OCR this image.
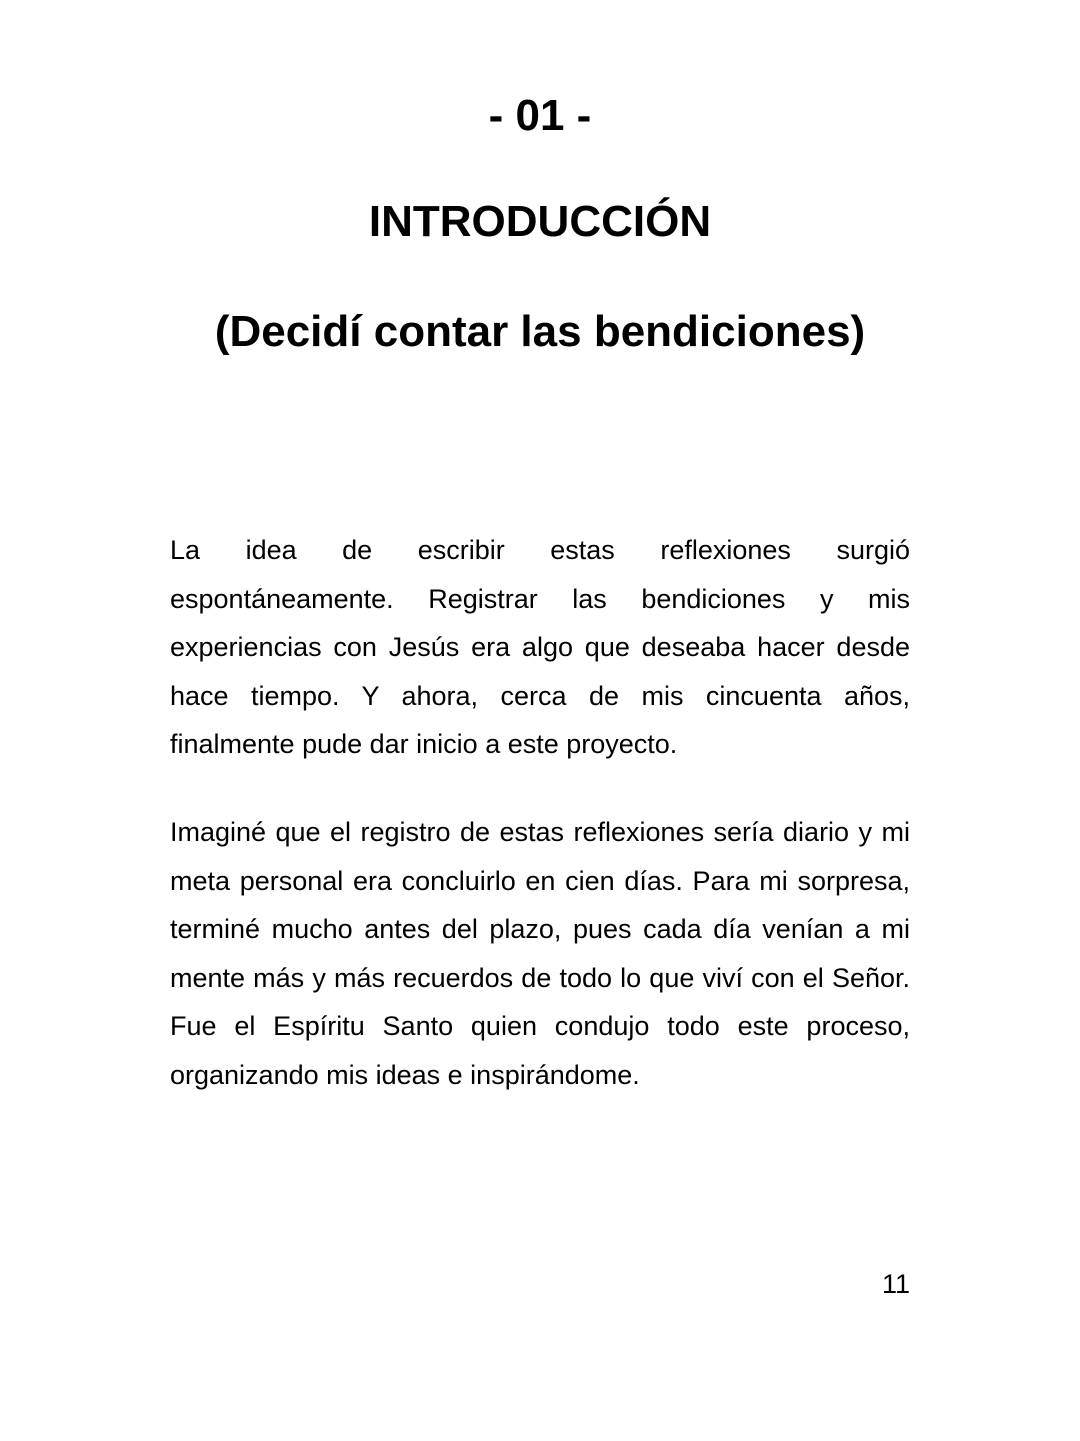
- 01 -
INTRODUCCIÓN
(Decidí contar las bendiciones)

La idea de escribir estas reflexiones surgió espontáneamente. Registrar las bendiciones y mis experiencias con Jesús era algo que deseaba hacer desde hace tiempo. Y ahora, cerca de mis cincuenta años, finalmente pude dar inicio a este proyecto.

Imaginé que el registro de estas reflexiones sería diario y mi meta personal era concluirlo en cien días. Para mi sorpresa, terminé mucho antes del plazo, pues cada día venían a mi mente más y más recuerdos de todo lo que viví con el Señor. Fue el Espíritu Santo quien condujo todo este proceso, organizando mis ideas e inspirándome.

11
